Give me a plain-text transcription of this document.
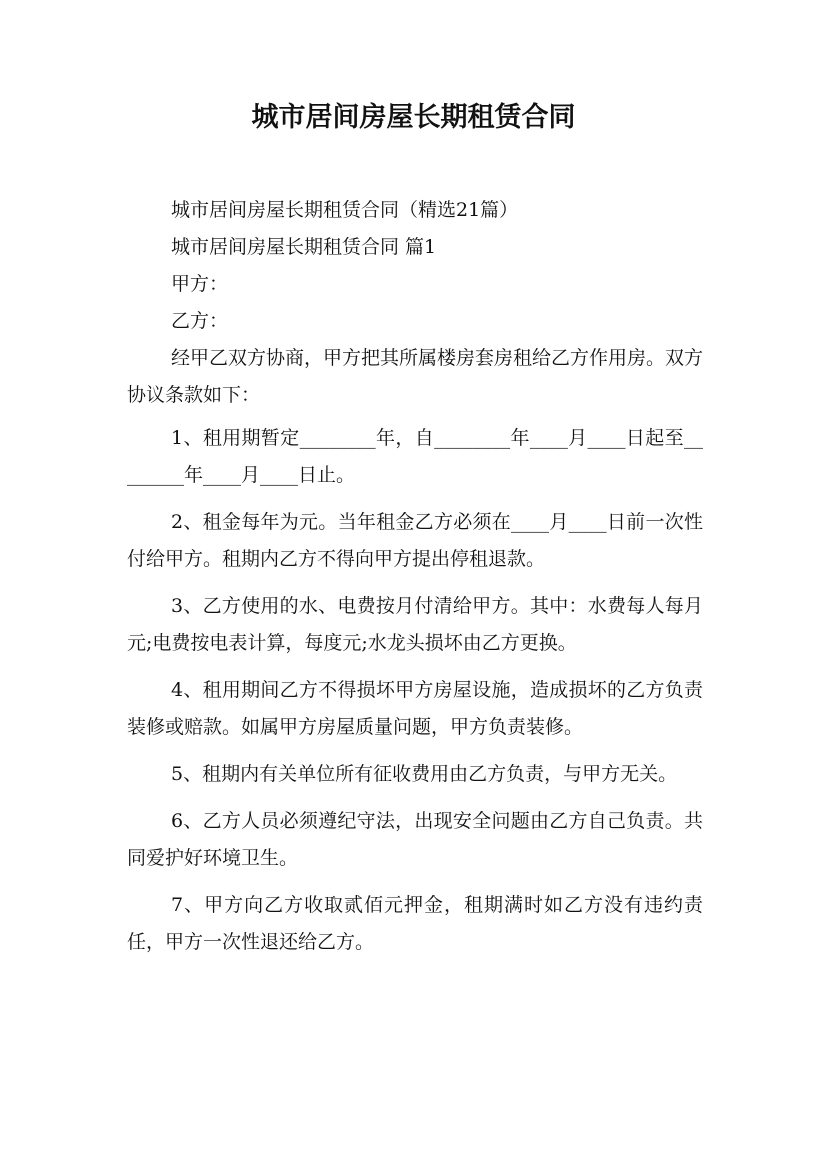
城市居间房屋长期租赁合同

城市居间房屋长期租赁合同（精选21篇）

城市居间房屋长期租赁合同 篇1

甲方：

乙方：

经甲乙双方协商，甲方把其所属楼房套房租给乙方作用房。双方协议条款如下：

1、租用期暂定________年，自________年____月____日起至________年____月____日止。

2、租金每年为元。当年租金乙方必须在____月____日前一次性付给甲方。租期内乙方不得向甲方提出停租退款。

3、乙方使用的水、电费按月付清给甲方。其中：水费每人每月元;电费按电表计算，每度元;水龙头损坏由乙方更换。

4、租用期间乙方不得损坏甲方房屋设施，造成损坏的乙方负责装修或赔款。如属甲方房屋质量问题，甲方负责装修。

5、租期内有关单位所有征收费用由乙方负责，与甲方无关。

6、乙方人员必须遵纪守法，出现安全问题由乙方自己负责。共同爱护好环境卫生。

7、甲方向乙方收取贰佰元押金，租期满时如乙方没有违约责任，甲方一次性退还给乙方。
